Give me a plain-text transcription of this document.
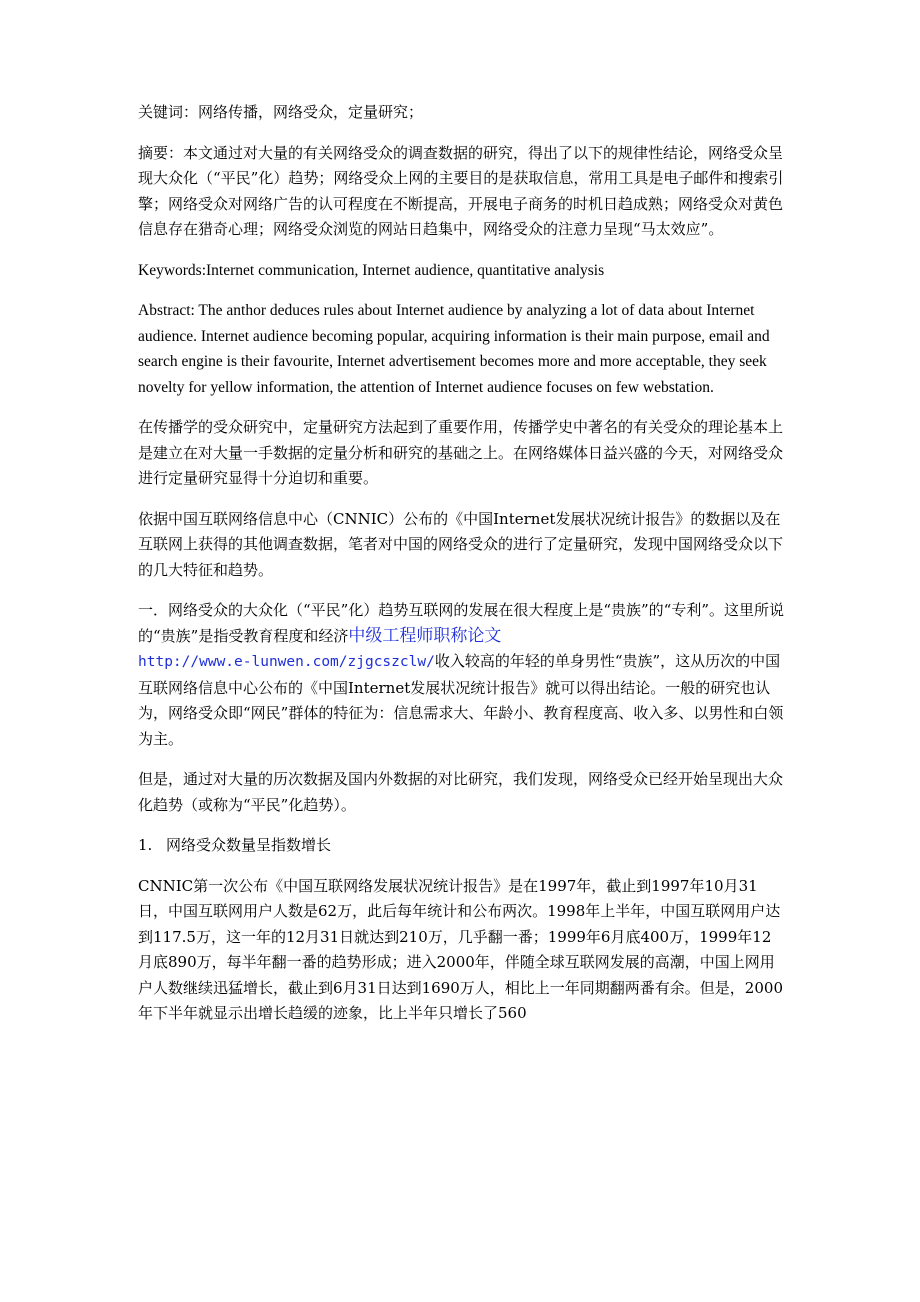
关键词：网络传播，网络受众，定量研究；

摘要：本文通过对大量的有关网络受众的调查数据的研究，得出了以下的规律性结论，网络受众呈现大众化（“平民”化）趋势；网络受众上网的主要目的是获取信息，常用工具是电子邮件和搜索引擎；网络受众对网络广告的认可程度在不断提高，开展电子商务的时机日趋成熟；网络受众对黄色信息存在猎奇心理；网络受众浏览的网站日趋集中，网络受众的注意力呈现“马太效应”。

Keywords:Internet communication, Internet audience, quantitative analysis

Abstract: The anthor deduces rules about Internet audience by analyzing a lot of data about Internet audience. Internet audience becoming popular, acquiring information is their main purpose, email and search engine is their favourite, Internet advertisement becomes more and more acceptable, they seek novelty for yellow information, the attention of Internet audience focuses on few webstation.

在传播学的受众研究中，定量研究方法起到了重要作用，传播学史中著名的有关受众的理论基本上是建立在对大量一手数据的定量分析和研究的基础之上。在网络媒体日益兴盛的今天，对网络受众进行定量研究显得十分迫切和重要。

依据中国互联网络信息中心（CNNIC）公布的《中国Internet发展状况统计报告》的数据以及在互联网上获得的其他调查数据，笔者对中国的网络受众的进行了定量研究，发现中国网络受众以下的几大特征和趋势。

一．网络受众的大众化（“平民”化）趋势互联网的发展在很大程度上是“贵族”的“专利”。这里所说的“贵族”是指受教育程度和经济中级工程师职称论文
http://www.e-lunwen.com/zjgcszclw/收入较高的年轻的单身男性“贵族”，这从历次的中国互联网络信息中心公布的《中国Internet发展状况统计报告》就可以得出结论。一般的研究也认为，网络受众即“网民”群体的特征为：信息需求大、年龄小、教育程度高、收入多、以男性和白领为主。

但是，通过对大量的历次数据及国内外数据的对比研究，我们发现，网络受众已经开始呈现出大众化趋势（或称为“平民”化趋势）。

1. 网络受众数量呈指数增长

CNNIC第一次公布《中国互联网络发展状况统计报告》是在1997年，截止到1997年10月31日，中国互联网用户人数是62万，此后每年统计和公布两次。1998年上半年，中国互联网用户达到117.5万，这一年的12月31日就达到210万，几乎翻一番；1999年6月底400万，1999年12月底890万，每半年翻一番的趋势形成；进入2000年，伴随全球互联网发展的高潮，中国上网用户人数继续迅猛增长，截止到6月31日达到1690万人，相比上一年同期翻两番有余。但是，2000年下半年就显示出增长趋缓的迹象，比上半年只增长了560
